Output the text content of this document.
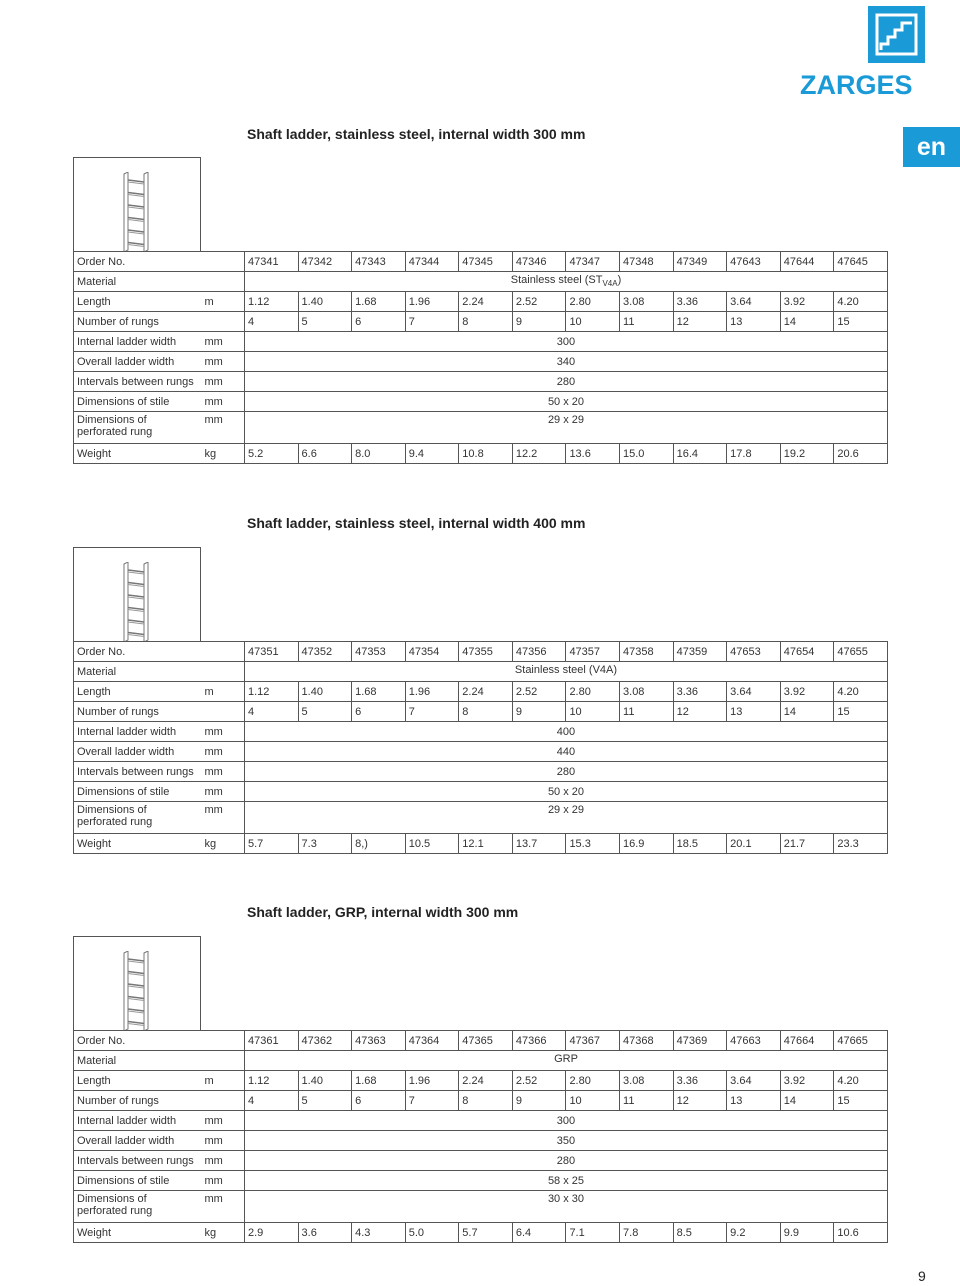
ZARGES
en
Shaft ladder, stainless steel, internal width 300 mm
Order No.		47341	47342	47343	47344	47345	47346	47347	47348	47349	47643	47644	47645
Material		Stainless steel $(ST_{V4A})$											
Length	m	1.12	1.40	1.68	1.96	2.24	2.52	2.80	3.08	3.36	3.64	3.92	4.20
Number of rungs		4	5	6	7	8	9	10	11	12	13	14	15
Internal ladder width	mm	300											
Overall ladder width	mm	340											
Intervals between rungs	mm	280											
Dimensions of stile	mm	50 x 20											

Dimensions of
perforated rung	mm	29 x 29											
Weight	kg	5.2	6.6	8.0	9.4	10.8	12.2	13.6	15.0	16.4	17.8	19.2	20.6
Shaft ladder, stainless steel, internal width 400 mm
Order No.		47351	47352	47353	47354	47355	47356	47357	47358	47359	47653	47654	47655
Material		Stainless steel (V4A)											
Length	m	1.12	1.40	1.68	1.96	2.24	2.52	2.80	3.08	3.36	3.64	3.92	4.20
Number of rungs		4	5	6	7	8	9	10	11	12	13	14	15
Internal ladder width	mm	400											
Overall ladder width	mm	440											
Intervals between rungs	mm	280											
Dimensions of stile	mm	50 x 20											

Dimensions of
perforated rung	mm	29 x 29											
Weight	kg	5.7	7.3	8,)	10.5	12.1	13.7	15.3	16.9	18.5	20.1	21.7	23.3
Shaft ladder, GRP, internal width 300 mm
Order No.		47361	47362	47363	47364	47365	47366	47367	47368	47369	47663	47664	47665
Material		GRP											
Length	m	1.12	1.40	1.68	1.96	2.24	2.52	2.80	3.08	3.36	3.64	3.92	4.20
Number of rungs		4	5	6	7	8	9	10	11	12	13	14	15
Internal ladder width	mm	300											
Overall ladder width	mm	350											
Intervals between rungs	mm	280											
Dimensions of stile	mm	58 x 25											

Dimensions of
perforated rung	mm	30 x 30											
Weight	kg	2.9	3.6	4.3	5.0	5.7	6.4	7.1	7.8	8.5	9.2	9.9	10.6
9
